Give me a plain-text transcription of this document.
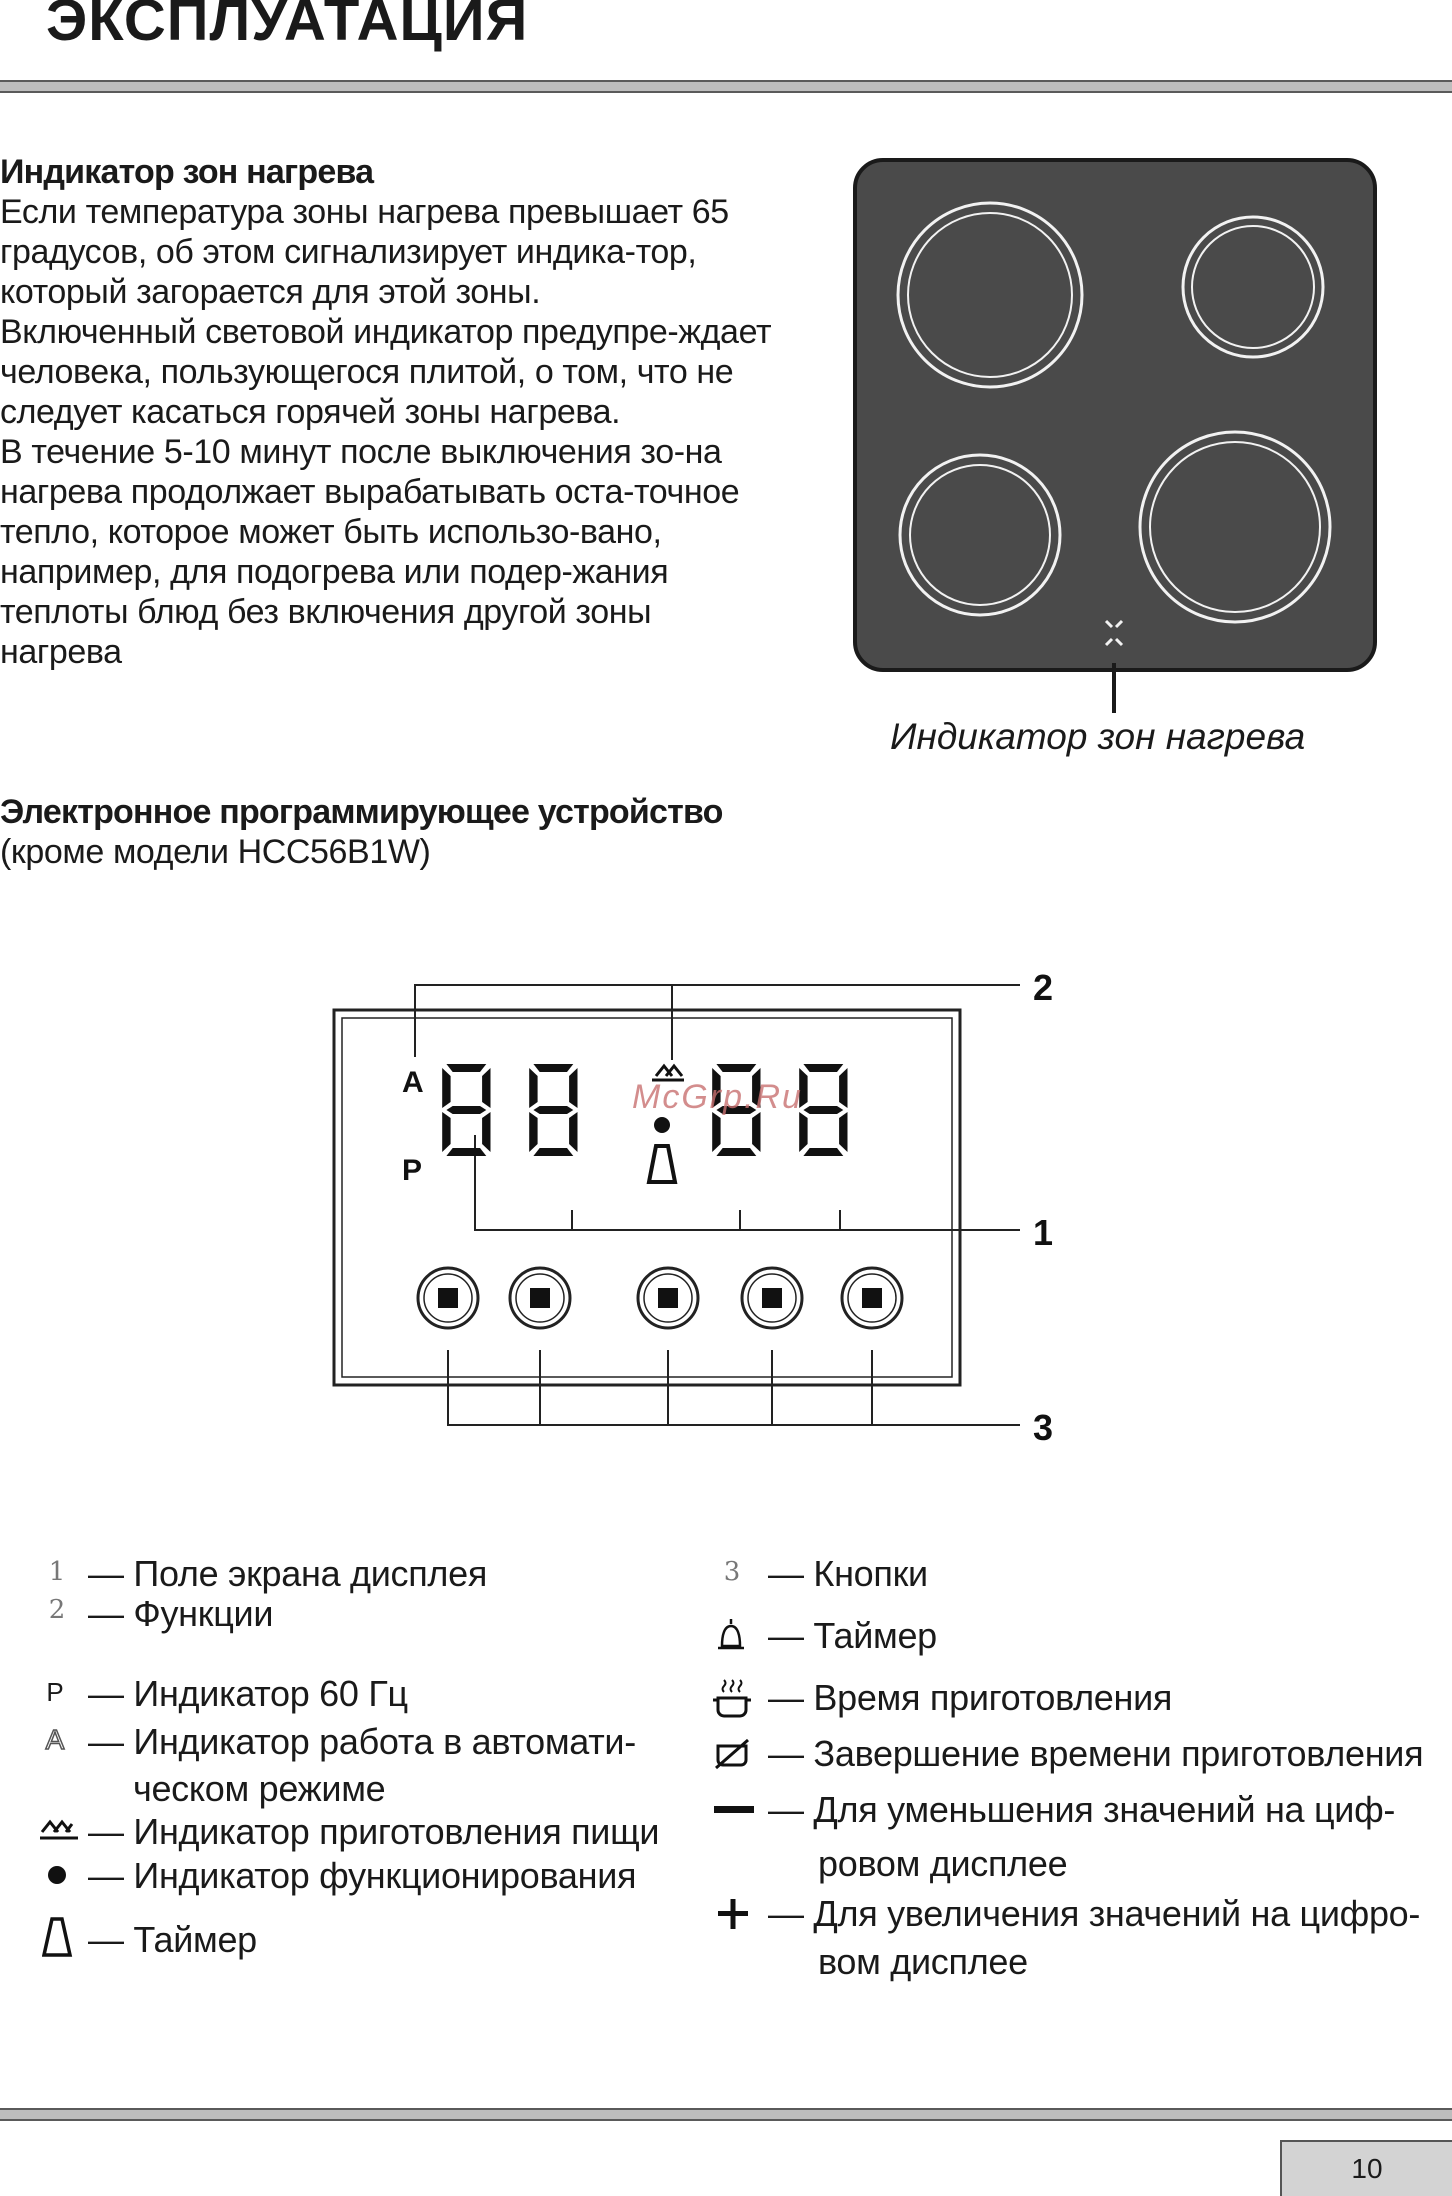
ЭКСПЛУАТАЦИЯ
Индикатор зон нагрева

Если температура зоны нагрева превышает 65 градусов, об этом сигнализирует индика-тор, который загорается для этой зоны.

Включенный световой индикатор предупре-ждает человека, пользующегося плитой, о том, что не следует касаться горячей зоны нагрева.

В течение 5-10 минут после выключения зо-на нагрева продолжает вырабатывать оста-точное тепло, которое может быть использо-вано, например, для подогрева или подер-жания теплоты блюд без включения другой зоны нагрева

Индикатор зон нагрева
Электронное программирующее устройство

(кроме модели HCC56B1W)

A
P
McGrp.Ru
2
1
3
1 — Поле экрана дисплея
2 — Функции
P — Индикатор 60 Гц
A — Индикатор работа в автомати-
ческом режиме
— Индикатор приготовления пищи
— Индикатор функционирования
— Таймер
3 — Кнопки
— Таймер
— Время приготовления
— Завершение времени приготовления
— Для уменьшения значений на циф-
ровом дисплее
— Для увеличения значений на цифро-
вом дисплее
10
